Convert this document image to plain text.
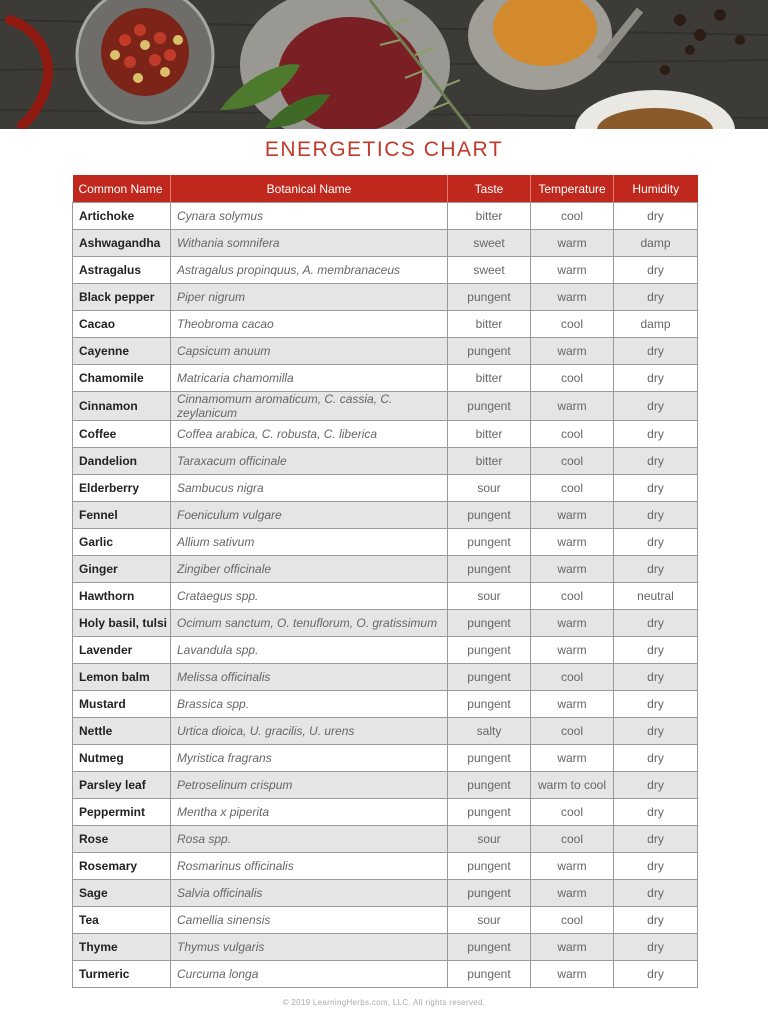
ENERGETICS CHART
Common Name	Botanical Name	Taste	Temperature	Humidity
Artichoke	Cynara solymus	bitter	cool	dry
Ashwagandha	Withania somnifera	sweet	warm	damp
Astragalus	Astragalus propinquus, A. membranaceus	sweet	warm	dry
Black pepper	Piper nigrum	pungent	warm	dry
Cacao	Theobroma cacao	bitter	cool	damp
Cayenne	Capsicum anuum	pungent	warm	dry
Chamomile	Matricaria chamomilla	bitter	cool	dry
Cinnamon	Cinnamomum aromaticum, C. cassia, C. zeylanicum	pungent	warm	dry
Coffee	Coffea arabica, C. robusta, C. liberica	bitter	cool	dry
Dandelion	Taraxacum officinale	bitter	cool	dry
Elderberry	Sambucus nigra	sour	cool	dry
Fennel	Foeniculum vulgare	pungent	warm	dry
Garlic	Allium sativum	pungent	warm	dry
Ginger	Zingiber officinale	pungent	warm	dry
Hawthorn	Crataegus spp.	sour	cool	neutral
Holy basil, tulsi	Ocimum sanctum, O. tenuflorum, O. gratissimum	pungent	warm	dry
Lavender	Lavandula spp.	pungent	warm	dry
Lemon balm	Melissa officinalis	pungent	cool	dry
Mustard	Brassica spp.	pungent	warm	dry
Nettle	Urtica dioica, U. gracilis, U. urens	salty	cool	dry
Nutmeg	Myristica fragrans	pungent	warm	dry
Parsley leaf	Petroselinum crispum	pungent	warm to cool	dry
Peppermint	Mentha x piperita	pungent	cool	dry
Rose	Rosa spp.	sour	cool	dry
Rosemary	Rosmarinus officinalis	pungent	warm	dry
Sage	Salvia officinalis	pungent	warm	dry
Tea	Camellia sinensis	sour	cool	dry
Thyme	Thymus vulgaris	pungent	warm	dry
Turmeric	Curcuma longa	pungent	warm	dry
© 2019 LearningHerbs.com, LLC. All rights reserved.
